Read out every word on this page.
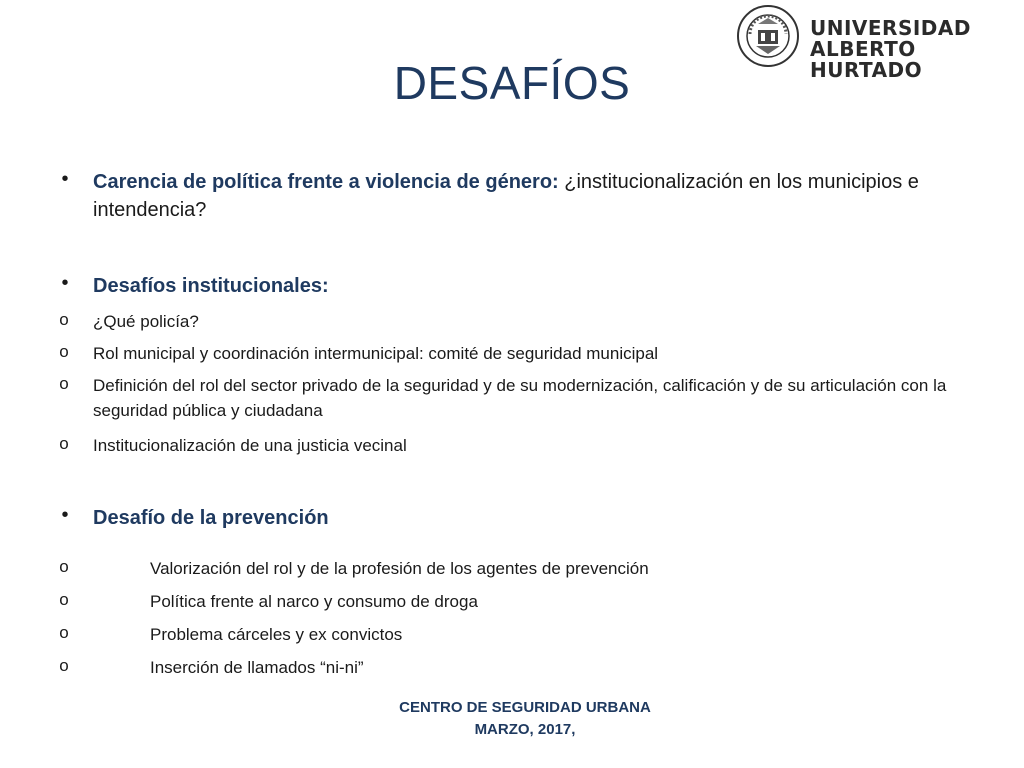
UNIVERSIDAD
ALBERTO HURTADO
DESAFÍOS
•	Carencia de política frente a violencia de género: ¿institucionalización en los municipios e intendencia?
•	Desafíos institucionales:
o ¿Qué policía?
o Rol municipal y coordinación intermunicipal: comité de seguridad municipal
o Definición del rol del sector privado de la seguridad y de su modernización, calificación y de su articulación con la seguridad pública y ciudadana
o Institucionalización de una justicia vecinal
•	Desafío de la prevención
o	Valorización del rol y de la profesión de los agentes de prevención
o	Política frente al narco y consumo de droga
o	Problema cárceles y ex convictos
o	Inserción de llamados “ni-ni”
CENTRO DE SEGURIDAD URBANA
MARZO, 2017,
